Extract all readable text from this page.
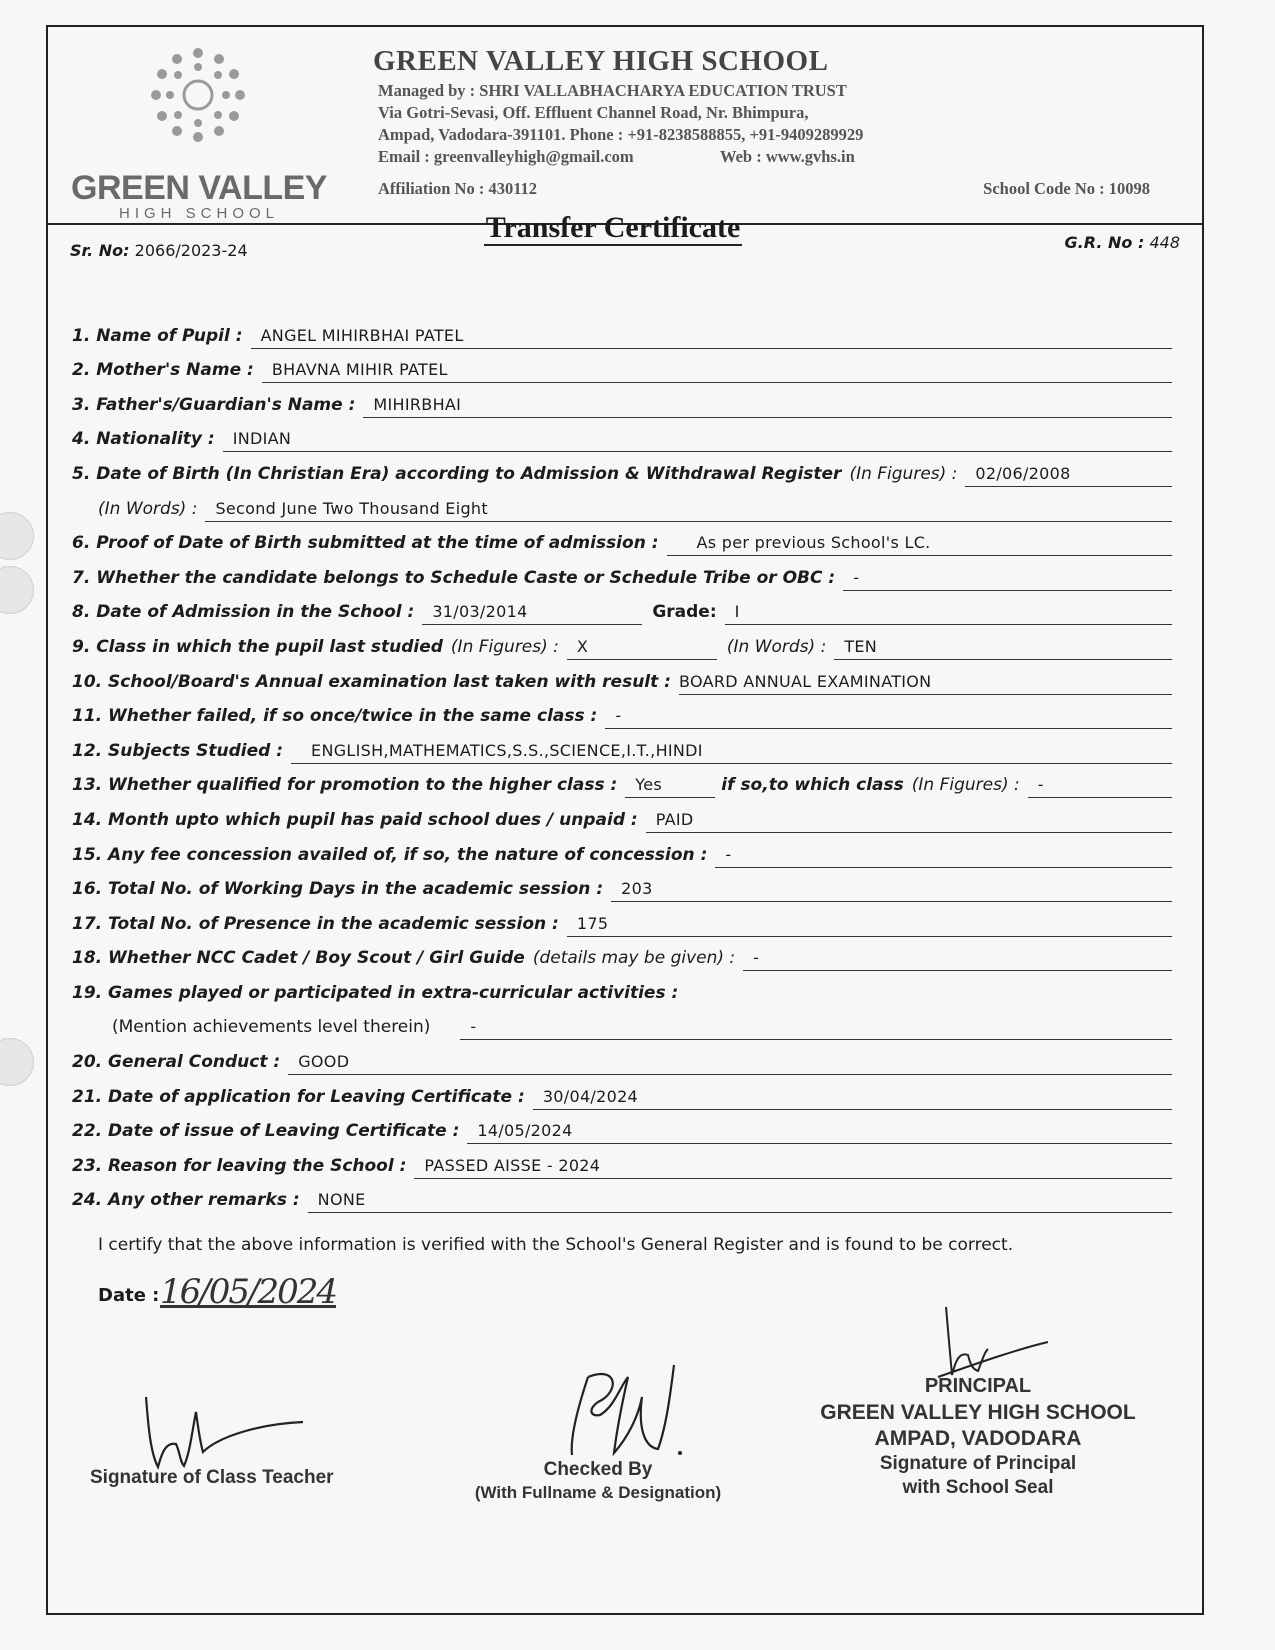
GREEN VALLEY
HIGH SCHOOL
GREEN VALLEY HIGH SCHOOL
Managed by : SHRI VALLABHACHARYA EDUCATION TRUST
Via Gotri-Sevasi, Off. Effluent Channel Road, Nr. Bhimpura,
Ampad, Vadodara-391101. Phone : +91-8238588855, +91-9409289929
Email : greenvalleyhigh@gmail.com	Web : www.gvhs.in
Affiliation No : 430112	School Code No : 10098
Sr. No: 2066/2023-24
Transfer Certificate	G.R. No : 448
1. Name of Pupil :	ANGEL MIHIRBHAI PATEL
2. Mother's Name :	BHAVNA MIHIR PATEL
3. Father's/Guardian's Name :	MIHIRBHAI
4. Nationality :	INDIAN
5. Date of Birth (In Christian Era) according to Admission & Withdrawal Register (In Figures) :	02/06/2008
(In Words) :	Second June Two Thousand Eight
6. Proof of Date of Birth submitted at the time of admission :	As per previous School's LC.
7. Whether the candidate belongs to Schedule Caste or Schedule Tribe or OBC :	-
8. Date of Admission in the School :	31/03/2014	Grade:	I
9. Class in which the pupil last studied (In Figures) :	X	(In Words) :	TEN
10. School/Board's Annual examination last taken with result : BOARD ANNUAL EXAMINATION
11. Whether failed, if so once/twice in the same class :	-
12. Subjects Studied :	ENGLISH,MATHEMATICS,S.S.,SCIENCE,I.T.,HINDI
13. Whether qualified for promotion to the higher class :	Yes	if so,to which class (In Figures) :	-
14. Month upto which pupil has paid school dues / unpaid :	PAID
15. Any fee concession availed of, if so, the nature of concession :	-
16. Total No. of Working Days in the academic session :	203
17. Total No. of Presence in the academic session :	175
18. Whether NCC Cadet / Boy Scout / Girl Guide (details may be given) :	-
19. Games played or participated in extra-curricular activities :
(Mention achievements level therein)	-
20. General Conduct :	GOOD
21. Date of application for Leaving Certificate :	30/04/2024
22. Date of issue of Leaving Certificate :	14/05/2024
23. Reason for leaving the School :	PASSED AISSE - 2024
24. Any other remarks :	NONE
I certify that the above information is verified with the School's General Register and is found to be correct.
Date : 16/05/2024
Signature of Class Teacher	Checked By
(With Fullname & Designation)
PRINCIPAL
GREEN VALLEY HIGH SCHOOL
AMPAD, VADODARA
Signature of Principal
with School Seal
